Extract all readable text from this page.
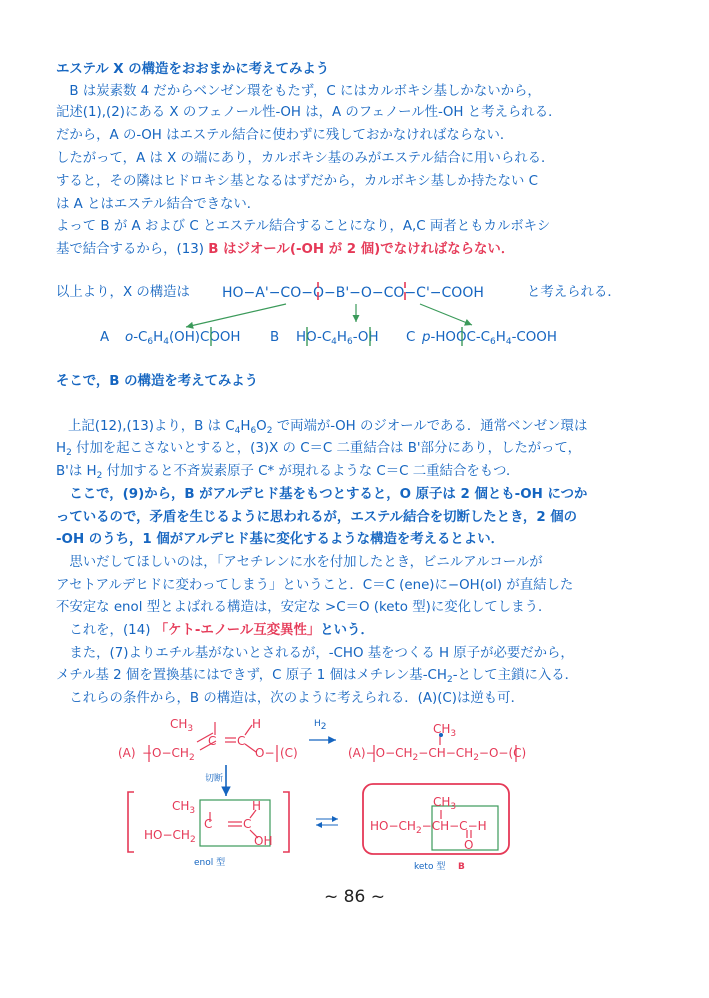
エステル X の構造をおおまかに考えてみよう
　B は炭素数 4 だからベンゼン環をもたず，C にはカルボキシ基しかないから，
記述(1),(2)にある X のフェノール性-OH は，A のフェノール性-OH と考えられる．
だから，A の-OH はエステル結合に使わずに残しておかなければならない．
したがって，A は X の端にあり，カルボキシ基のみがエステル結合に用いられる．
すると，その隣はヒドロキシ基となるはずだから，カルボキシ基しか持たない C
は A とはエステル結合できない．
よって B が A および C とエステル結合することになり，A,C 両者ともカルボキシ
基で結合するから，(13) B はジオール(-OH が 2 個)でなければならない．
以上より，X の構造は HO−A'−CO−O−B'−O−CO−C'−COOH	と考えられる．
A $o-C_6H_4(OH)COOH$ B $HO-C_4H_6-OH$ C $p-HOOC-C_6H_4$-COOH
そこで，B の構造を考えてみよう
上記(12),(13)より，B は $C_4H_6O_2$ で両端が-OH のジオールである．通常ベンゼン環は
$H_2$ 付加を起こさないとすると，(3)X の C＝C 二重結合は B'部分にあり，したがって，
B'は $H_2$ 付加すると不斉炭素原子 C* が現れるような C＝C 二重結合をもつ．
　ここで，(9)から，B がアルデヒド基をもつとすると，O 原子は 2 個とも-OH につか
っているので，矛盾を生じるように思われるが，エステル結合を切断したとき，2 個の
-OH のうち，1 個がアルデヒド基に変化するような構造を考えるとよい．
　思いだしてほしいのは，「アセチレンに水を付加したとき，ビニルアルコールが
アセトアルデヒドに変わってしまう」ということ．C＝C (ene)に−OH(ol) が直結した
不安定な enol 型とよばれる構造は，安定な >C＝O (keto 型)に変化してしまう．
　これを，(14) 「ケト-エノール互変異性」という．
　また，(7)よりエチル基がないとされるが，-CHO 基をつくる H 原子が必要だから，
メチル基 2 個を置換基にはできず，C 原子 1 個はメチレン基$-CH_2-$として主鎖に入る．
　これらの条件から，B の構造は，次のように考えられる．(A)(C)は逆も可．
$CH_3$	H
$(A) -O-CH_2$
C C
O− (C)
$H_2$	$CH_3$
$(A)-O-CH_2-CH-CH_2-O-(C)$
切断
$CH_3$	H
$HO-CH_2$
C	C
OH
enol 型
$CH_3$
$HO-CH_2-CH-C-H$
O
keto 型 B
~ 86 ~
